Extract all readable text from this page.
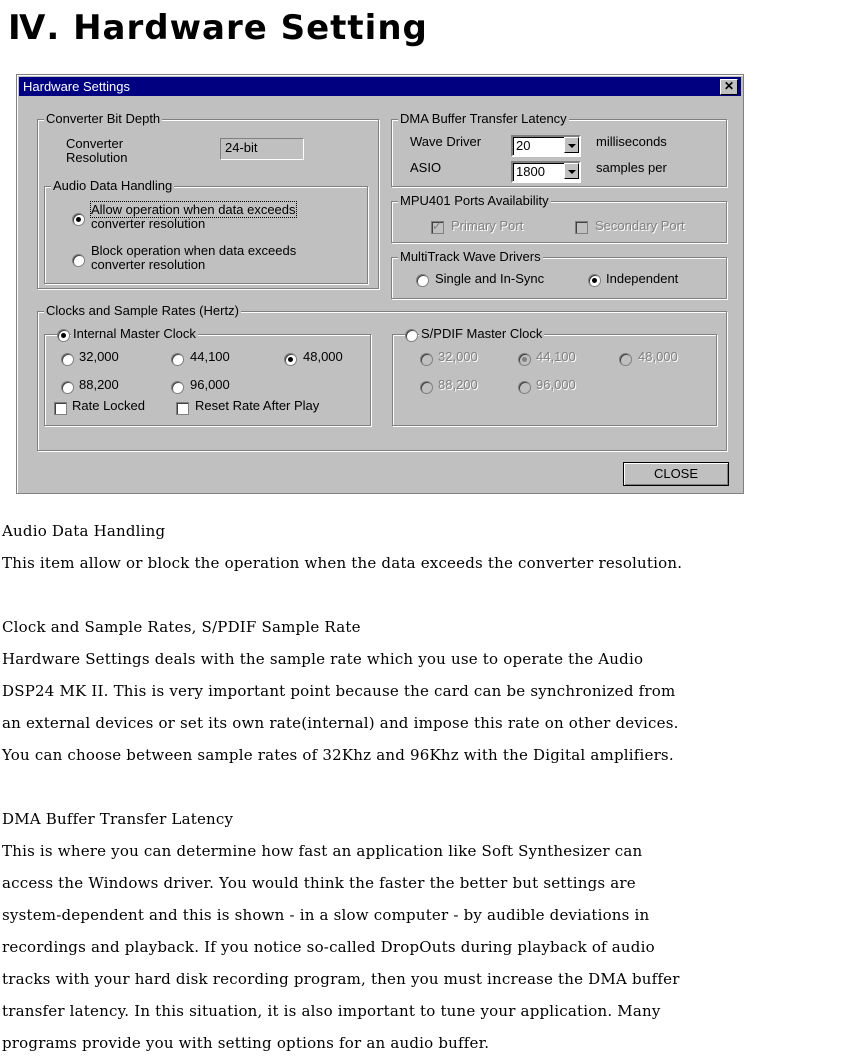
Ⅳ. Hardware Setting
Hardware Settings	✕
Converter Bit Depth
Converter
Resolution
24-bit
Audio Data Handling
Allow operation when data exceeds
converter resolution
Block operation when data exceeds
converter resolution
DMA Buffer Transfer Latency
Wave Driver	20	milliseconds
ASIO	1800	samples per
MPU401 Ports Availability
✓
Primary Port	Secondary Port
MultiTrack Wave Drivers
Single and In-Sync	Independent
Clocks and Sample Rates (Hertz)
Internal Master Clock
32,000	44,100	48,000
88,200	96,000
Rate Locked	Reset Rate After Play
S/PDIF Master Clock
32,000	44,100	48,000
88,200	96,000
CLOSE
Audio Data Handling
This item allow or block the operation when the data exceeds the converter resolution.
Clock and Sample Rates, S/PDIF Sample Rate
Hardware Settings deals with the sample rate which you use to operate the Audio
DSP24 MK II. This is very important point because the card can be synchronized from
an external devices or set its own rate(internal) and impose this rate on other devices.
You can choose between sample rates of 32Khz and 96Khz with the Digital amplifiers.
DMA Buffer Transfer Latency
This is where you can determine how fast an application like Soft Synthesizer can
access the Windows driver. You would think the faster the better but settings are
system-dependent and this is shown - in a slow computer - by audible deviations in
recordings and playback. If you notice so-called DropOuts during playback of audio
tracks with your hard disk recording program, then you must increase the DMA buffer
transfer latency. In this situation, it is also important to tune your application. Many
programs provide you with setting options for an audio buffer.
